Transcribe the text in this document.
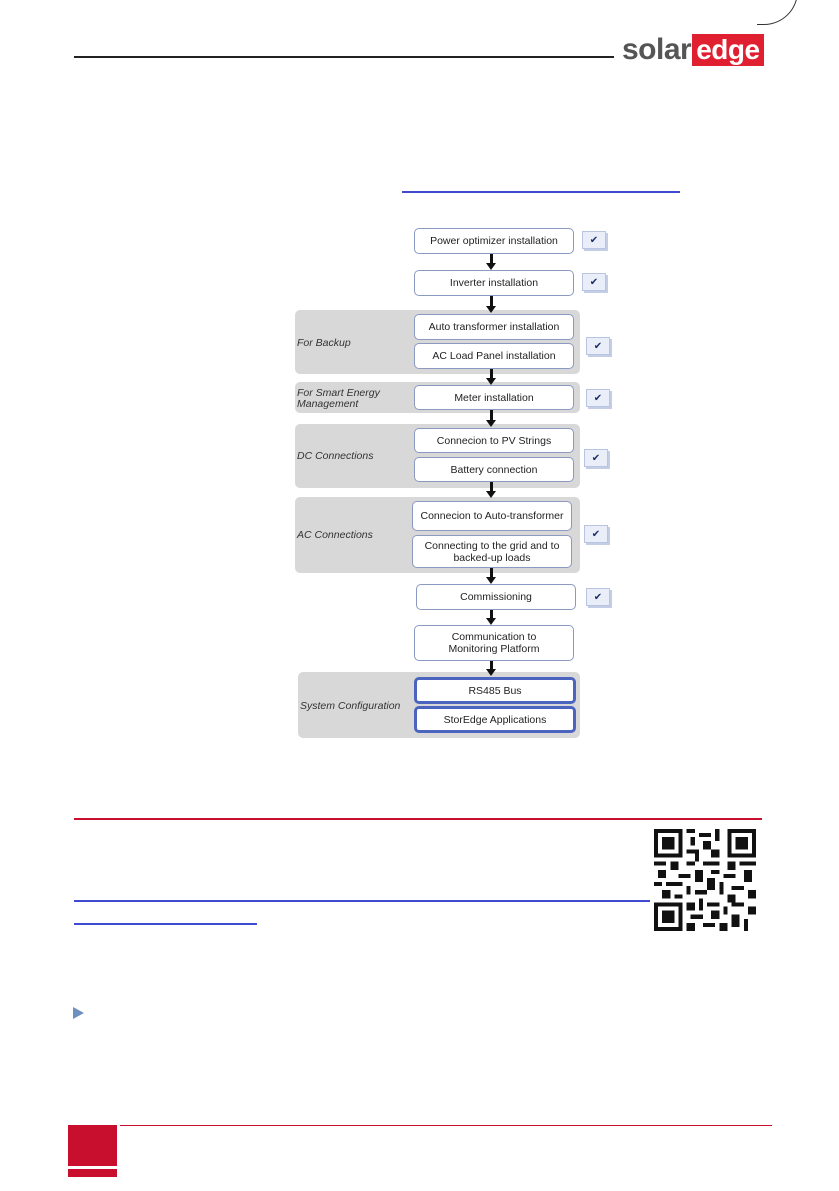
solar edge
For Backup
For Smart Energy Management
DC Connections
AC Connections
System Configuration
Power optimizer installation
Inverter installation
Auto transformer installation
AC Load Panel installation
Meter installation
Connecion to PV Strings
Battery connection
Connecion to Auto-transformer
Connecting to the grid and to backed-up loads
Commissioning
Communication to Monitoring Platform
RS485 Bus
StorEdge Applications
✔
✔
✔
✔
✔
✔
✔
